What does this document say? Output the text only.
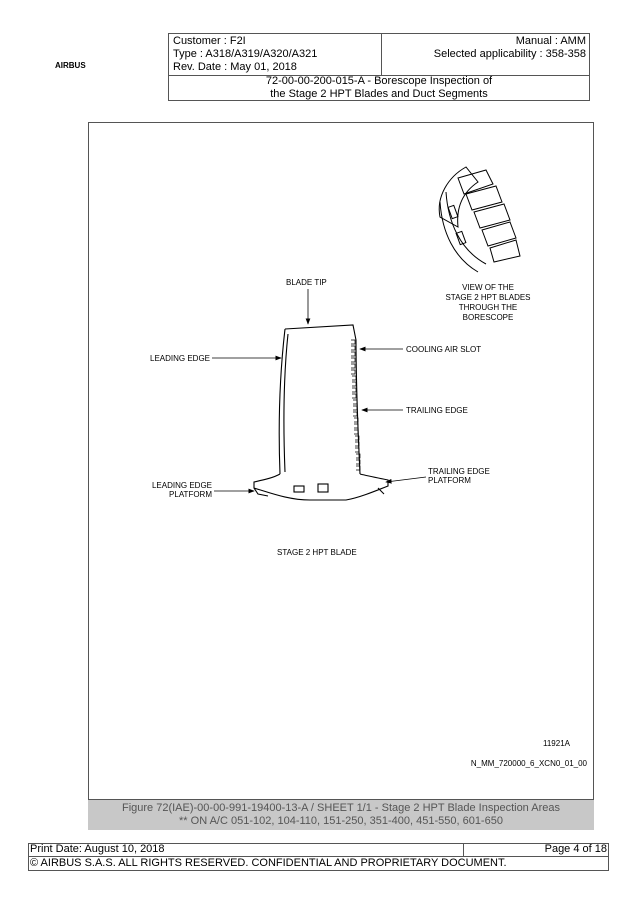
AIRBUS
Customer : F2I
Type : A318/A319/A320/A321
Rev. Date : May 01, 2018
Manual : AMM
Selected applicability : 358-358
72-00-00-200-015-A - Borescope Inspection of
the Stage 2 HPT Blades and Duct Segments
VIEW OF THE
STAGE 2 HPT BLADES
THROUGH THE
BORESCOPE
BLADE TIP
COOLING AIR SLOT
LEADING EDGE
TRAILING EDGE
TRAILING EDGE
PLATFORM
LEADING EDGE
PLATFORM
STAGE 2 HPT BLADE
11921A
N_MM_720000_6_XCN0_01_00
Figure 72(IAE)-00-00-991-19400-13-A / SHEET 1/1 - Stage 2 HPT Blade Inspection Areas
** ON A/C 051-102, 104-110, 151-250, 351-400, 451-550, 601-650
Print Date: August 10, 2018	Page 4 of 18
© AIRBUS S.A.S. ALL RIGHTS RESERVED. CONFIDENTIAL AND PROPRIETARY DOCUMENT.
